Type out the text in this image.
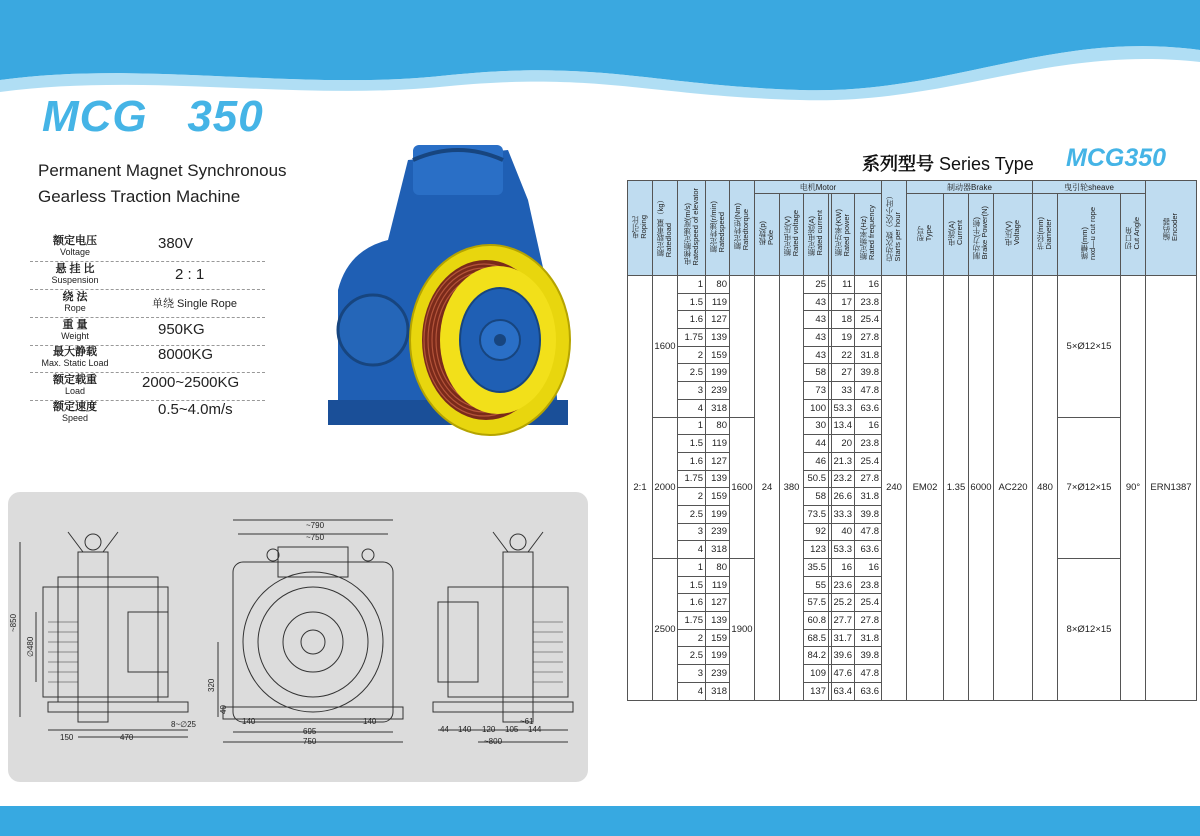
MCG   350
Permanent Magnet Synchronous
Gearless Traction Machine
额定电压
Voltage	380V
悬 挂 比
Suspension	2 : 1
绕 法
Rope	单绕 Single Rope
重 量
Weight	950KG
最大静载
Max. Static Load	8000KG
额定载重
Load	2000~2500KG
额定速度
Speed	0.5~4.0m/s
~850
∅480
150	470
8~∅25
~790
~750
320
40
140	140
695
750
44 140 120 105 144
~61
~800
系列型号 Series Type MCG350
曳引比Roping	额定载重量（kg）Ratedload	电梯额定速度(m/s)Ratedspeed of elevator	额定转速(r/min)Ratedspeed	额定转矩(Nm)Ratedtorque	电机Motor						启动次数（次/小时）Starts per hour	制动器Brake				曳引轮sheave			编码器Encoder
					极数(p)Pole	额定电压(V)Rated voltage	额定电流(A)Rated current		额定功率(KW)Rated power	额定频率(Hz)Rated frequency		型号Type	电流(A)Current	制动力(牛顿)Brake Power(N)	电压(V)Voltage	节径(mm)Diameter	绳槽(mm)nxd—u cut rope	切口角Cut Angle	
2:1	1600	1	80		24	380	25		11	16	240	EM02	1.35	6000	AC220	480	5×Ø12×15	90°	ERN1387
		1.5	119				43		17	23.8									
		1.6	127				43		18	25.4									
		1.75	139				43		19	27.8									
		2	159				43		22	31.8									
		2.5	199				58		27	39.8									
		3	239				73		33	47.8									
		4	318				100		53.3	63.6									
	2000	1	80	1600			30		13.4	16							7×Ø12×15		
		1.5	119				44		20	23.8									
		1.6	127				46		21.3	25.4									
		1.75	139				50.5		23.2	27.8									
		2	159				58		26.6	31.8									
		2.5	199				73.5		33.3	39.8									
		3	239				92		40	47.8									
		4	318				123		53.3	63.6									
	2500	1	80	1900			35.5		16	16							8×Ø12×15		
		1.5	119				55		23.6	23.8									
		1.6	127				57.5		25.2	25.4									
		1.75	139				60.8		27.7	27.8									
		2	159				68.5		31.7	31.8									
		2.5	199				84.2		39.6	39.8									
		3	239				109		47.6	47.8									
		4	318				137		63.4	63.6									
